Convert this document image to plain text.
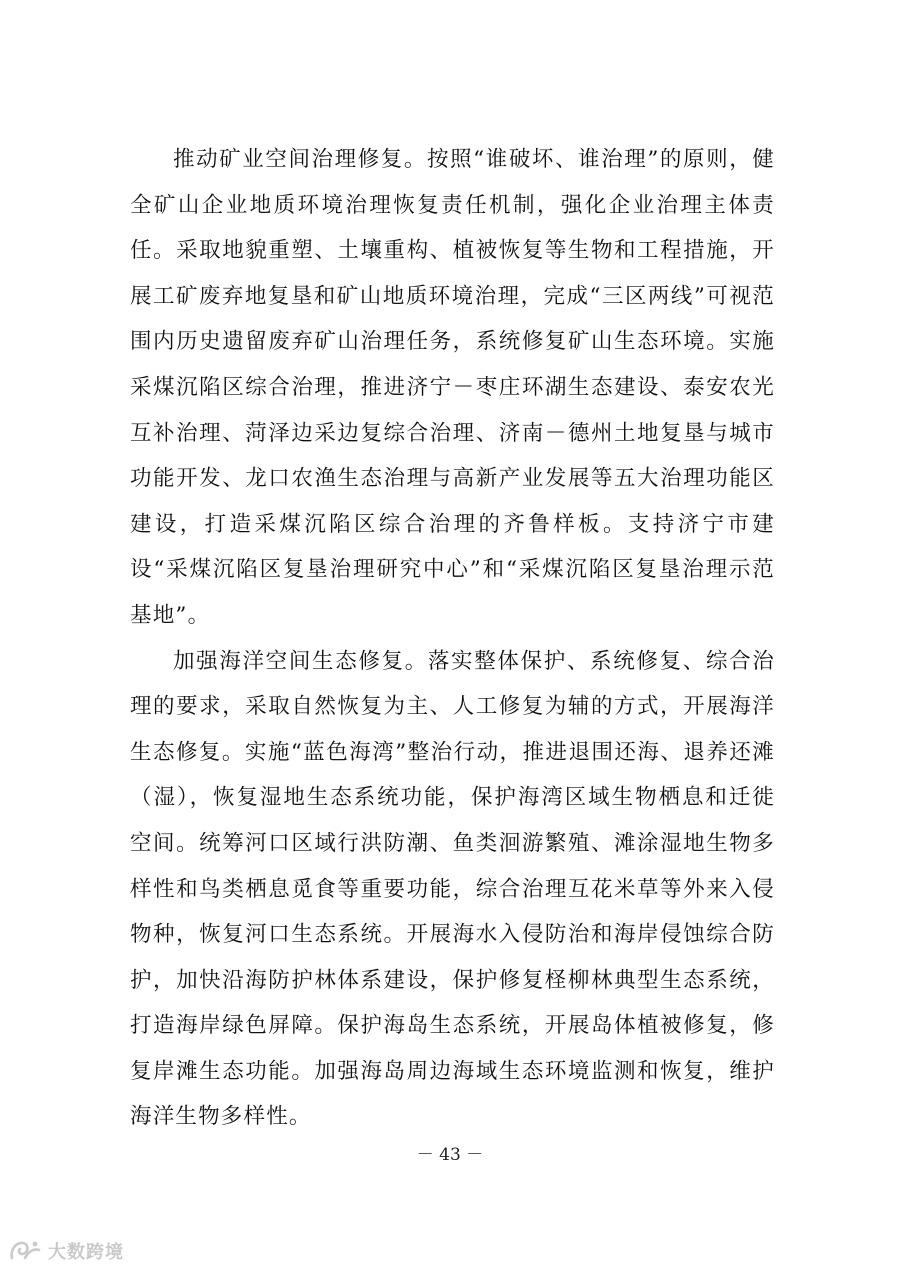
推动矿业空间治理修复。按照“谁破坏、谁治理”的原则，健全矿山企业地质环境治理恢复责任机制，强化企业治理主体责任。采取地貌重塑、土壤重构、植被恢复等生物和工程措施，开展工矿废弃地复垦和矿山地质环境治理，完成“三区两线”可视范围内历史遗留废弃矿山治理任务，系统修复矿山生态环境。实施采煤沉陷区综合治理，推进济宁－枣庄环湖生态建设、泰安农光互补治理、菏泽边采边复综合治理、济南－德州土地复垦与城市功能开发、龙口农渔生态治理与高新产业发展等五大治理功能区建设，打造采煤沉陷区综合治理的齐鲁样板。支持济宁市建设“采煤沉陷区复垦治理研究中心”和“采煤沉陷区复垦治理示范基地”。

加强海洋空间生态修复。落实整体保护、系统修复、综合治理的要求，采取自然恢复为主、人工修复为辅的方式，开展海洋生态修复。实施“蓝色海湾”整治行动，推进退围还海、退养还滩（湿），恢复湿地生态系统功能，保护海湾区域生物栖息和迁徙空间。统筹河口区域行洪防潮、鱼类洄游繁殖、滩涂湿地生物多样性和鸟类栖息觅食等重要功能，综合治理互花米草等外来入侵物种，恢复河口生态系统。开展海水入侵防治和海岸侵蚀综合防护，加快沿海防护林体系建设，保护修复柽柳林典型生态系统，打造海岸绿色屏障。保护海岛生态系统，开展岛体植被修复，修复岸滩生态功能。加强海岛周边海域生态环境监测和恢复，维护海洋生物多样性。

－ 43 －
大数跨境
